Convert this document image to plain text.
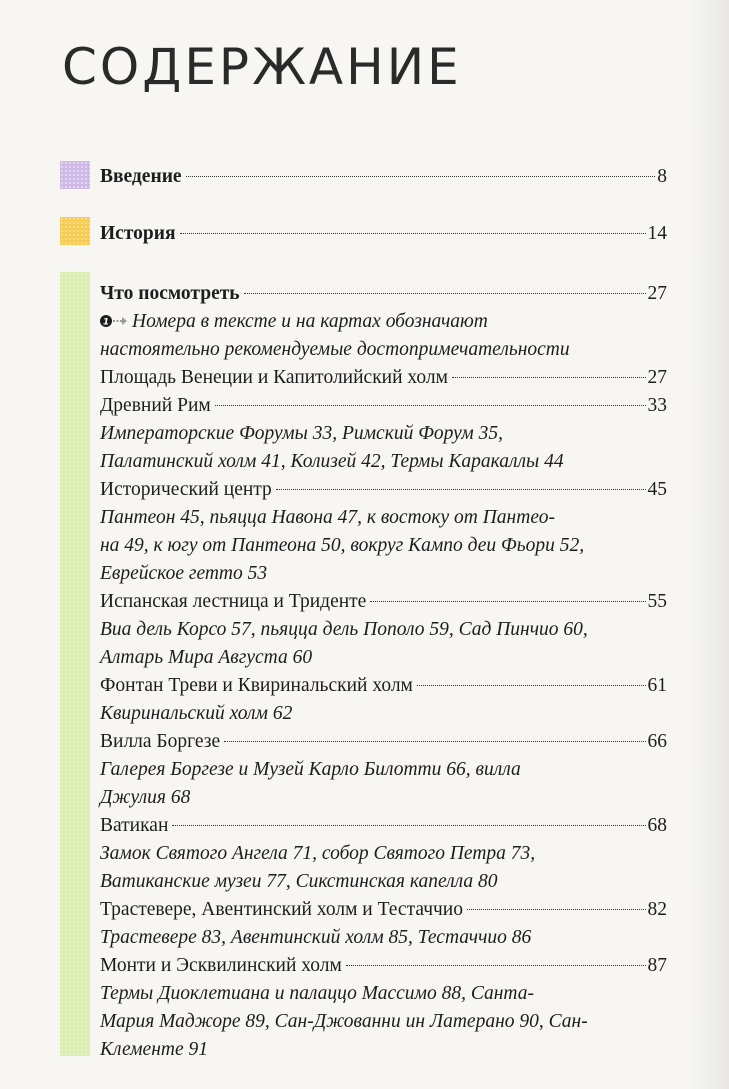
СОДЕРЖАНИЕ
Введение	8
История	14
Что посмотреть	27

1 Номера в тексте и на картах обозначают
настоятельно рекомендуемые достопримечательности

Площадь Венеции и Капитолийский холм	27
Древний Рим	33

Императорские Форумы 33, Римский Форум 35,
Палатинский холм 41, Колизей 42, Термы Каракаллы 44

Исторический центр	45

Пантеон 45, пьяцца Навона 47, к востоку от Пантео-
на 49, к югу от Пантеона 50, вокруг Кампо деи Фьори 52,
Еврейское гетто 53

Испанская лестница и Триденте	55

Виа дель Корсо 57, пьяцца дель Пополо 59, Сад Пинчио 60,
Алтарь Мира Августа 60

Фонтан Треви и Квиринальский холм	61

Квиринальский холм 62

Вилла Боргезе	66

Галерея Боргезе и Музей Карло Билотти 66, вилла
Джулия 68

Ватикан	68

Замок Святого Ангела 71, собор Святого Петра 73,
Ватиканские музеи 77, Сикстинская капелла 80

Трастевере, Авентинский холм и Тестаччио	82

Трастевере 83, Авентинский холм 85, Тестаччио 86

Монти и Эсквилинский холм	87

Термы Диоклетиана и палаццо Массимо 88, Санта-
Мария Маджоре 89, Сан-Джованни ин Латерано 90, Сан-
Клементе 91
